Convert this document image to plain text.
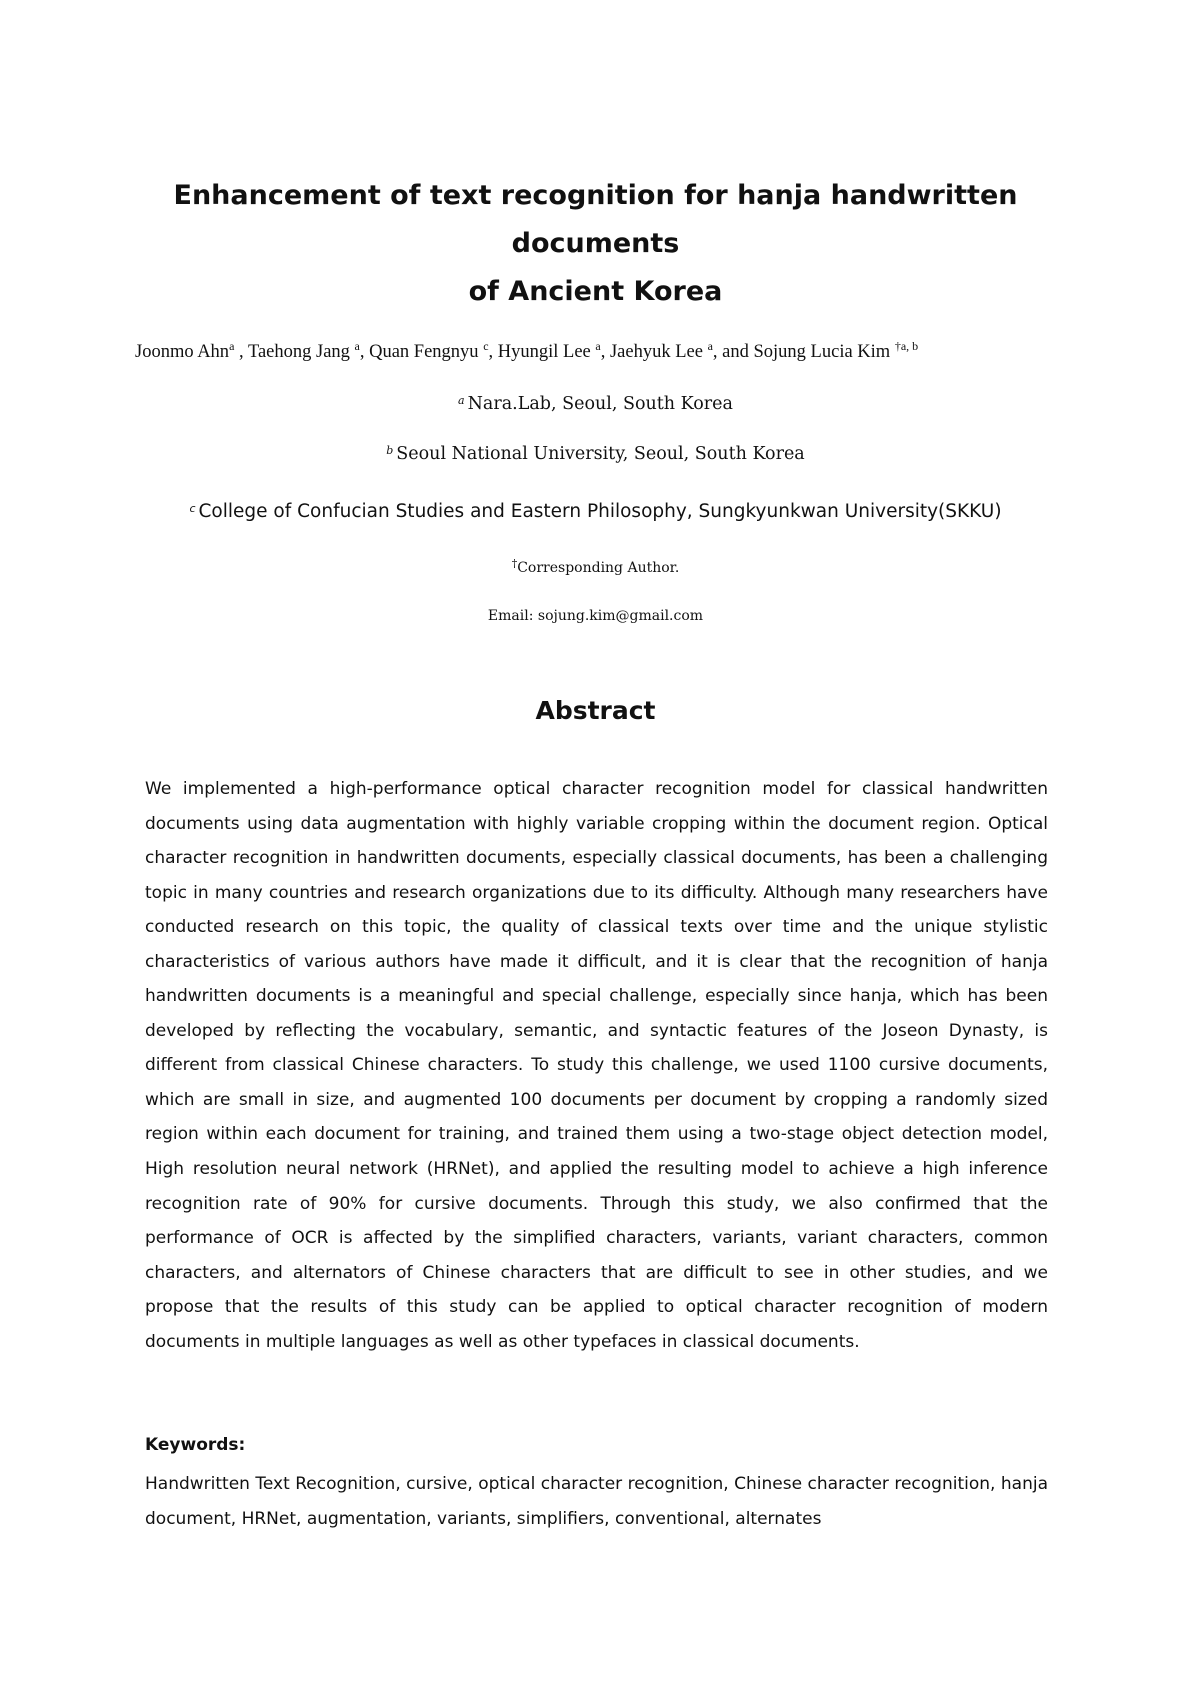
Enhancement of text recognition for hanja handwritten documents
of Ancient Korea
Joonmo Ahn$^a$ , Taehong Jang $^a$, Quan Fengnyu $^c$, Hyungil Lee $^a$, Jaehyuk Lee $^a$, and Sojung Lucia Kim $^{\dagger a, b}$
$^a$ Nara.Lab, Seoul, South Korea
$^b$ Seoul National University, Seoul, South Korea
$^c$ College of Confucian Studies and Eastern Philosophy, Sungkyunkwan University(SKKU)
†Corresponding Author.
Email: sojung.kim@gmail.com
Abstract

We implemented a high-performance optical character recognition model for classical handwritten documents using data augmentation with highly variable cropping within the document region. Optical character recognition in handwritten documents, especially classical documents, has been a challenging topic in many countries and research organizations due to its difficulty. Although many researchers have conducted research on this topic, the quality of classical texts over time and the unique stylistic characteristics of various authors have made it difficult, and it is clear that the recognition of hanja handwritten documents is a meaningful and special challenge, especially since hanja, which has been developed by reflecting the vocabulary, semantic, and syntactic features of the Joseon Dynasty, is different from classical Chinese characters. To study this challenge, we used 1100 cursive documents, which are small in size, and augmented 100 documents per document by cropping a randomly sized region within each document for training, and trained them using a two-stage object detection model, High resolution neural network (HRNet), and applied the resulting model to achieve a high inference recognition rate of 90% for cursive documents. Through this study, we also confirmed that the performance of OCR is affected by the simplified characters, variants, variant characters, common characters, and alternators of Chinese characters that are difficult to see in other studies, and we propose that the results of this study can be applied to optical character recognition of modern documents in multiple languages as well as other typefaces in classical documents.

Keywords:

Handwritten Text Recognition, cursive, optical character recognition, Chinese character recognition, hanja document, HRNet, augmentation, variants, simplifiers, conventional, alternates
